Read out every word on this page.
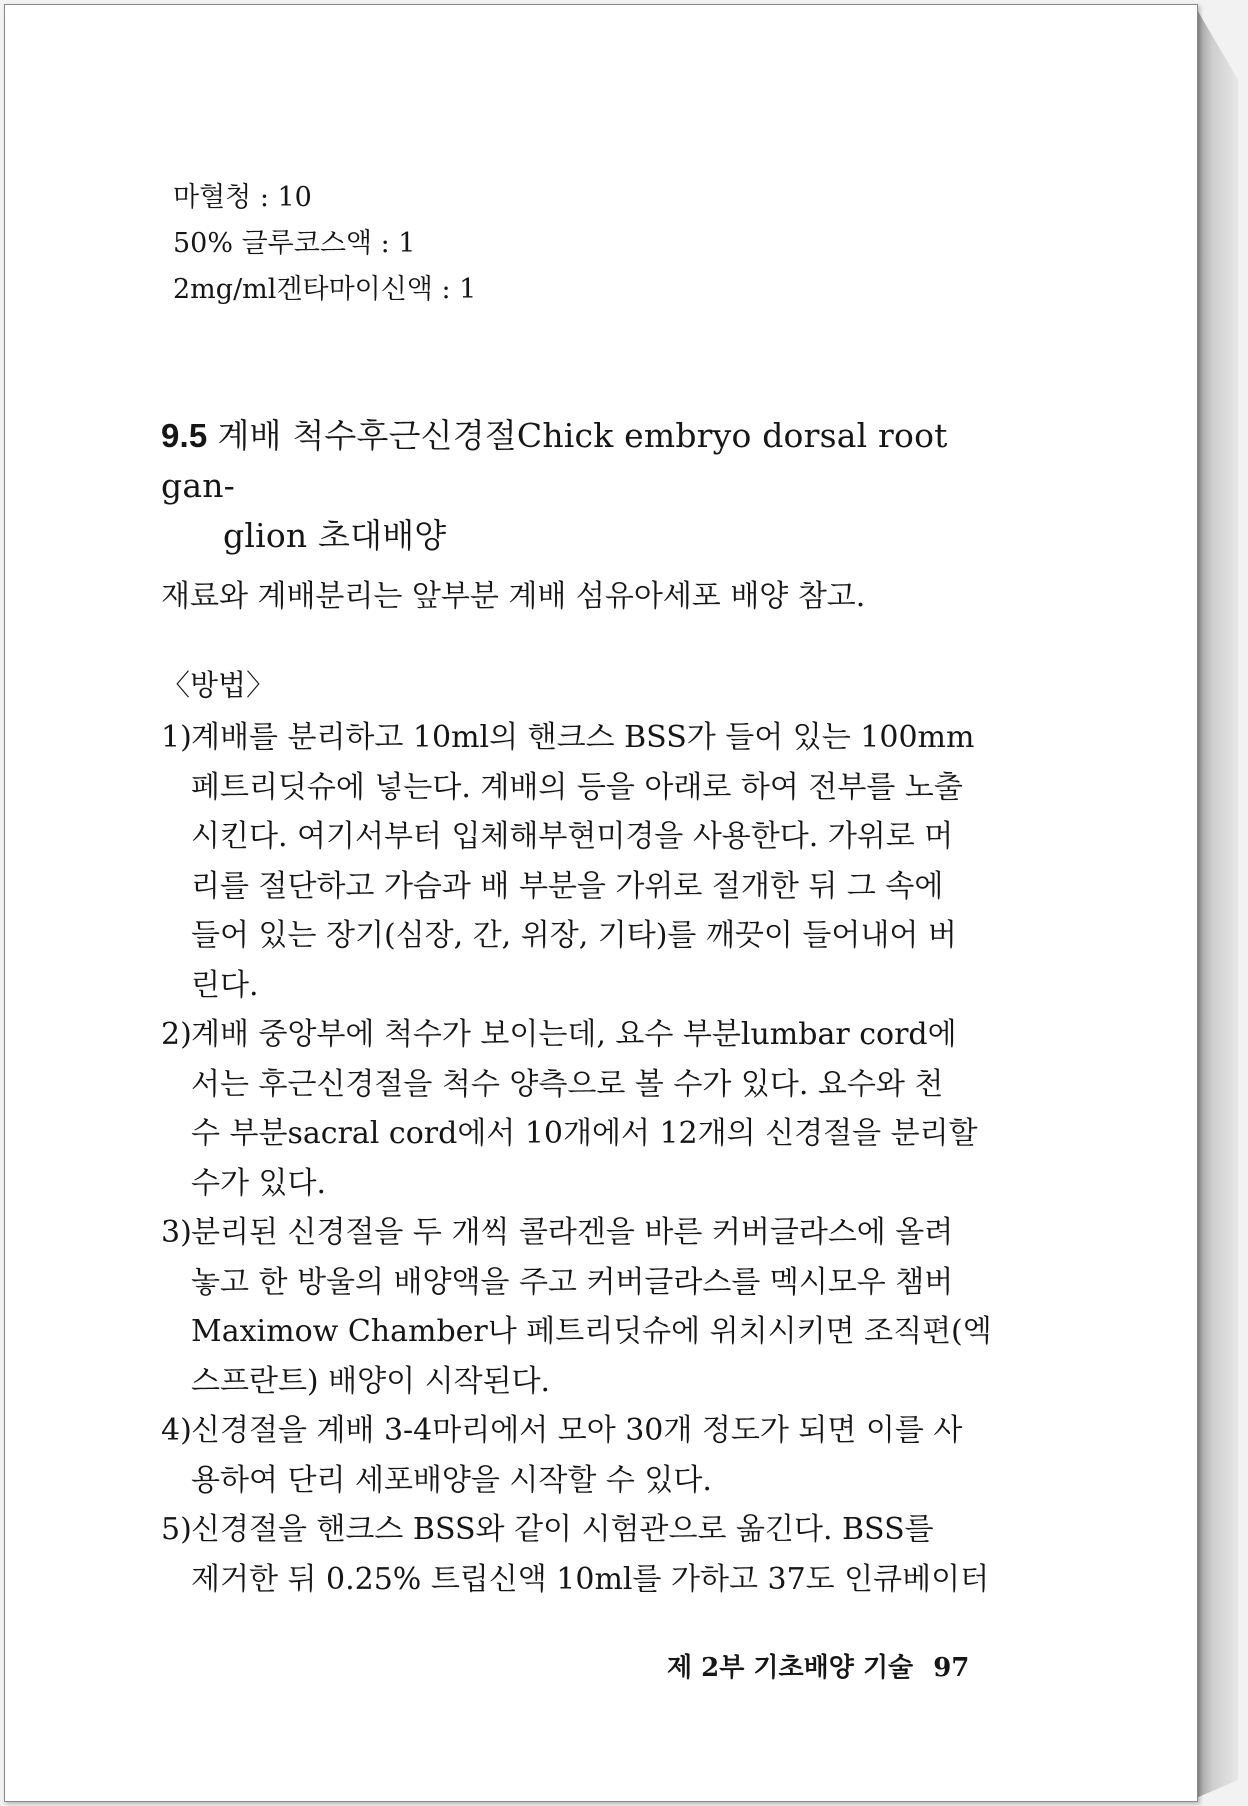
마혈청 : 10
50% 글루코스액 : 1
2mg/ml겐타마이신액 : 1
9.5 계배 척수후근신경절Chick embryo dorsal root gan-
glion 초대배양
재료와 계배분리는 앞부분 계배 섬유아세포 배양 참고.
〈방법〉
1) 계배를 분리하고 10ml의 핸크스 BSS가 들어 있는 100mm
페트리딧슈에 넣는다. 계배의 등을 아래로 하여 전부를 노출
시킨다. 여기서부터 입체해부현미경을 사용한다. 가위로 머
리를 절단하고 가슴과 배 부분을 가위로 절개한 뒤 그 속에
들어 있는 장기(심장, 간, 위장, 기타)를 깨끗이 들어내어 버
린다.
2) 계배 중앙부에 척수가 보이는데, 요수 부분lumbar cord에
서는 후근신경절을 척수 양측으로 볼 수가 있다. 요수와 천
수 부분sacral cord에서 10개에서 12개의 신경절을 분리할
수가 있다.
3) 분리된 신경절을 두 개씩 콜라겐을 바른 커버글라스에 올려
놓고 한 방울의 배양액을 주고 커버글라스를 멕시모우 챔버
Maximow Chamber나 페트리딧슈에 위치시키면 조직편(엑
스프란트) 배양이 시작된다.
4) 신경절을 계배 3-4마리에서 모아 30개 정도가 되면 이를 사
용하여 단리 세포배양을 시작할 수 있다.
5) 신경절을 핸크스 BSS와 같이 시험관으로 옮긴다. BSS를
제거한 뒤 0.25% 트립신액 10ml를 가하고 37도 인큐베이터
제 2부 기초배양 기술 97
